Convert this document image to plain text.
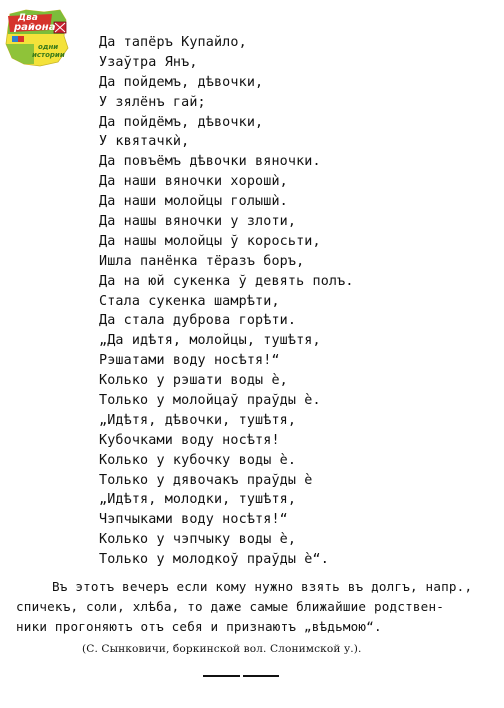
Два
района
одни
истории
Да тапёръ Купайло,
Узаўтра Янъ,
Да пойдемъ, дѣвочки,
У зялёнъ гай;
Да пойдёмъ, дѣвочки,
У квятачкѝ,
Да повъёмъ дѣвочки вяночки.
Да наши вяночки хорошѝ,
Да наши молойцы голышѝ.
Да нашы вяночки у злоти,
Да нашы молойцы ў коросьти,
Ишла панёнка тёразъ боръ,
Да на юй сукенка ў девять полъ.
Стала сукенка шамрѣти,
Да стала дуброва горѣти.
„Да идѣтя, молойцы, тушѣтя,
Рэшатами воду носѣтя!“
Колько у рэшати воды ѐ,
Только у молойцаў праўды ѐ.
„Идѣтя, дѣвочки, тушѣтя,
Кубочками воду носѣтя!
Колько у кубочку воды ѐ.
Только у дявочакъ праўды ѐ
„Идѣтя, молодки, тушѣтя,
Чэпчыками воду носѣтя!“
Колько у чэпчыку воды ѐ,
Только у молодкоў праўды ѐ“.
Въ этотъ вечеръ если кому нужно взять въ долгъ, напр.,
спичекъ, соли, хлѣба, то даже самые ближайшие родствен-
ники прогоняютъ отъ себя и признаютъ „вѣдьмою“.
(С. Сынковичи, боркинской вол. Слонимской у.).
